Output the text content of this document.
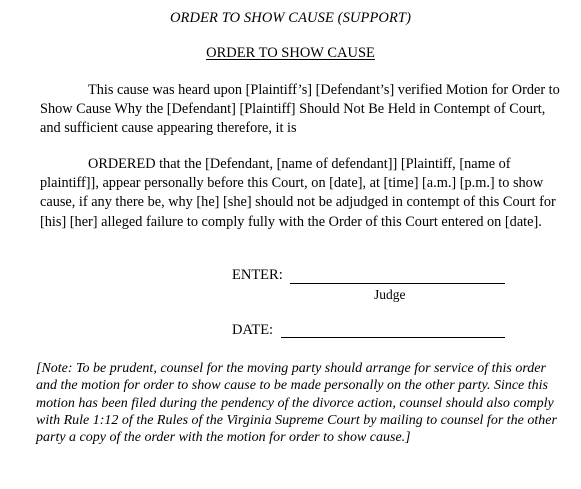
ORDER TO SHOW CAUSE (SUPPORT)
ORDER TO SHOW CAUSE

This cause was heard upon [Plaintiff’s] [Defendant’s] verified Motion for Order to Show Cause Why the [Defendant] [Plaintiff] Should Not Be Held in Contempt of Court, and sufficient cause appearing therefore, it is

ORDERED that the [Defendant, [name of defendant]] [Plaintiff, [name of plaintiff]], appear personally before this Court, on [date], at [time] [a.m.] [p.m.] to show cause, if any there be, why [he] [she] should not be adjudged in contempt of this Court for [his] [her] alleged failure to comply fully with the Order of this Court entered on [date].

ENTER:
Judge
DATE:

[Note: To be prudent, counsel for the moving party should arrange for service of this order and the motion for order to show cause to be made personally on the other party. Since this motion has been filed during the pendency of the divorce action, counsel should also comply with Rule 1:12 of the Rules of the Virginia Supreme Court by mailing to counsel for the other party a copy of the order with the motion for order to show cause.]
